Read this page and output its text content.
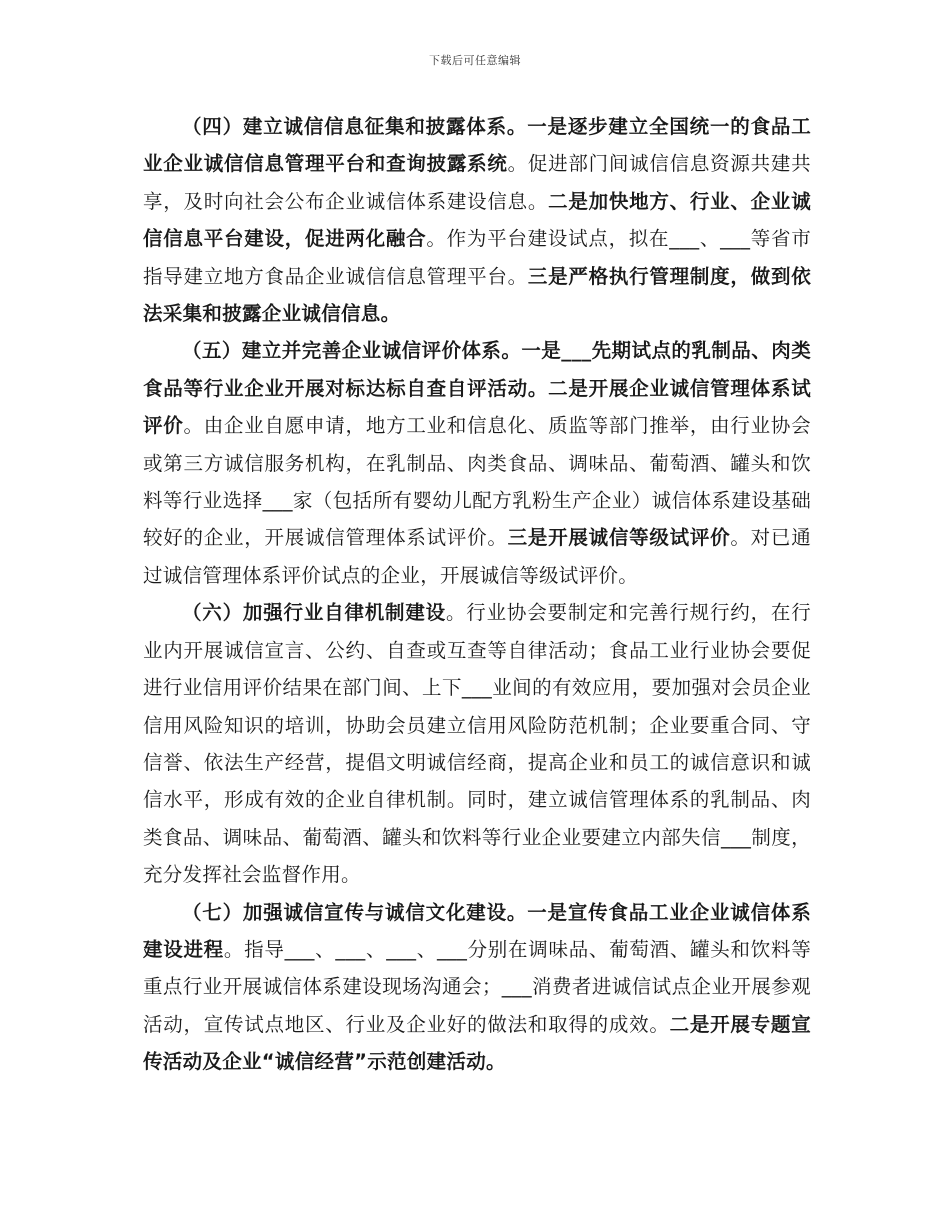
下载后可任意编辑

（四）建立诚信信息征集和披露体系。一是逐步建立全国统一的食品工业企业诚信信息管理平台和查询披露系统。促进部门间诚信信息资源共建共享，及时向社会公布企业诚信体系建设信息。二是加快地方、行业、企业诚信信息平台建设，促进两化融合。作为平台建设试点，拟在___、___等省市指导建立地方食品企业诚信信息管理平台。三是严格执行管理制度，做到依法采集和披露企业诚信信息。

（五）建立并完善企业诚信评价体系。一是___先期试点的乳制品、肉类食品等行业企业开展对标达标自查自评活动。二是开展企业诚信管理体系试评价。由企业自愿申请，地方工业和信息化、质监等部门推举，由行业协会或第三方诚信服务机构，在乳制品、肉类食品、调味品、葡萄酒、罐头和饮料等行业选择___家（包括所有婴幼儿配方乳粉生产企业）诚信体系建设基础较好的企业，开展诚信管理体系试评价。三是开展诚信等级试评价。对已通过诚信管理体系评价试点的企业，开展诚信等级试评价。

（六）加强行业自律机制建设。行业协会要制定和完善行规行约，在行业内开展诚信宣言、公约、自查或互查等自律活动；食品工业行业协会要促进行业信用评价结果在部门间、上下___业间的有效应用，要加强对会员企业信用风险知识的培训，协助会员建立信用风险防范机制；企业要重合同、守信誉、依法生产经营，提倡文明诚信经商，提高企业和员工的诚信意识和诚信水平，形成有效的企业自律机制。同时，建立诚信管理体系的乳制品、肉类食品、调味品、葡萄酒、罐头和饮料等行业企业要建立内部失信___制度，充分发挥社会监督作用。

（七）加强诚信宣传与诚信文化建设。一是宣传食品工业企业诚信体系建设进程。指导___、___、___、___分别在调味品、葡萄酒、罐头和饮料等重点行业开展诚信体系建设现场沟通会；___消费者进诚信试点企业开展参观活动，宣传试点地区、行业及企业好的做法和取得的成效。二是开展专题宣传活动及企业“诚信经营”示范创建活动。
